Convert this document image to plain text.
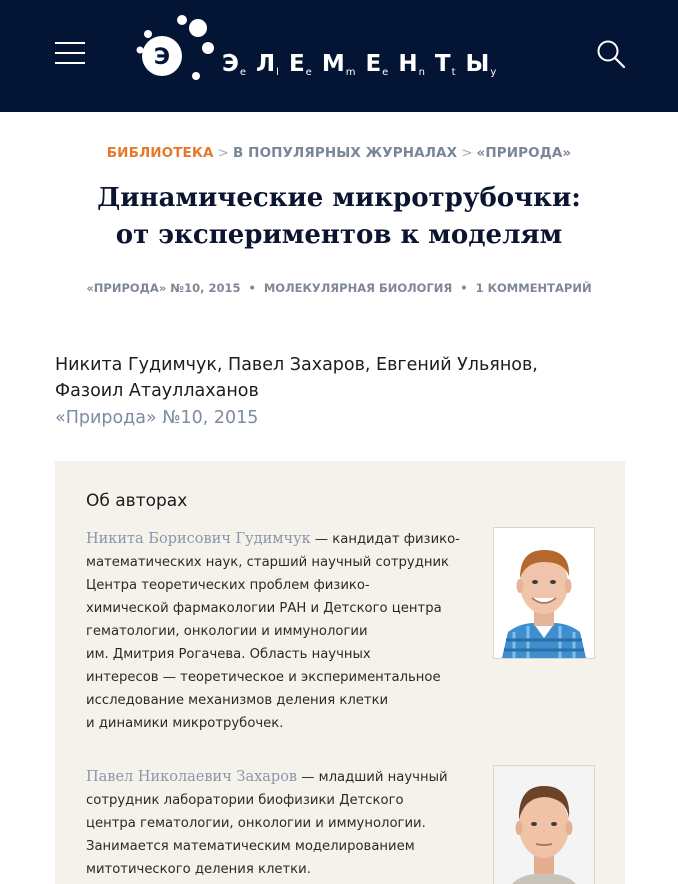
Э Э е Л l Е e М m Е e Н n Т t Ы y
БИБЛИОТЕКА > В ПОПУЛЯРНЫХ ЖУРНАЛАХ > «ПРИРОДА»
Динамические микротрубочки:
от экспериментов к моделям
«ПРИРОДА» №10, 2015 • МОЛЕКУЛЯРНАЯ БИОЛОГИЯ • 1 КОММЕНТАРИЙ
Никита Гудимчук, Павел Захаров, Евгений Ульянов,
Фазоил Атауллаханов
«Природа» №10, 2015
Об авторах
Никита Борисович Гудимчук — кандидат физико-
математических наук, старший научный сотрудник
Центра теоретических проблем физико-
химической фармакологии РАН и Детского центра
гематологии, онкологии и иммунологии
им. Дмитрия Рогачева. Область научных
интересов — теоретическое и экспериментальное
исследование механизмов деления клетки
и динамики микротрубочек.
Павел Николаевич Захаров — младший научный
сотрудник лаборатории биофизики Детского
центра гематологии, онкологии и иммунологии.
Занимается математическим моделированием
митотического деления клетки.
